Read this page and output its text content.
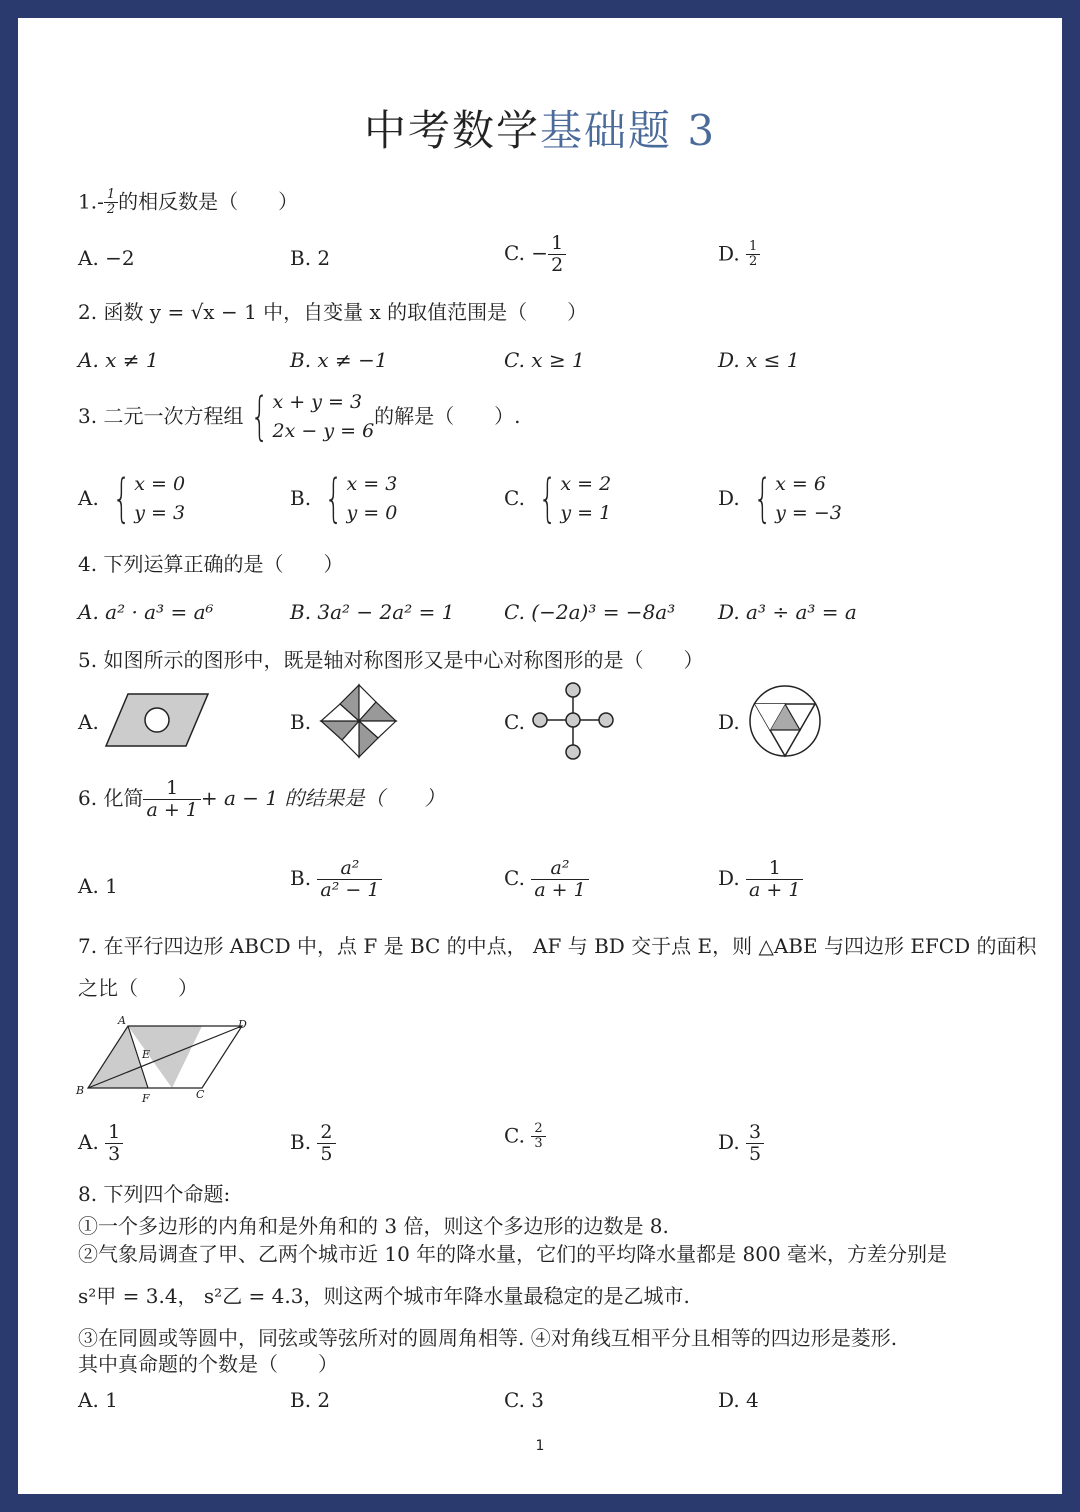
中考数学基础题 3
$1.- \frac{1}{2}$ 的相反数是（　　）
A. −2	B. 2	C. − $\frac{1}{2}$	D. $\frac{1}{2}$
2. 函数 y = √x − 1 中，自变量 x 的取值范围是（　　）
A. x ≠ 1	B. x ≠ −1	C. x ≥ 1	D. x ≤ 1
3. 二元一次方程组 { x + y = 3
2x − y = 6
的解是（　　）.
A. { x = 0
y = 3
B. { x = 3
y = 0
C. { x = 2
y = 1
D. { x = 6
y = −3
4. 下列运算正确的是（　　）
A. a² · a³ = a⁶	B. 3a² − 2a² = 1 C. (−2a)³ = −8a³ D. a³ ÷ a³ = a
5. 如图所示的图形中，既是轴对称图形又是中心对称图形的是（　　）
A.	B.	C.	D.
6. 化简 $\frac{1}{a + 1} + a - 1$ 的结果是（　　）
A. 1	B. $\frac{\text{a²}}{\text{a² − 1}}$	C. $\frac{\text{a²}}{a + 1}$	D. $\frac{1}{a + 1}$
7. 在平行四边形 ABCD 中，点 F 是 BC 的中点， AF 与 BD 交于点 E，则 △ABE 与四边形 EFCD 的面积
之比（　　）
A	D
B	C
F
E
A. $\frac{1}{3}$	B. $\frac{2}{5}$	C. $\frac{2}{3}$	D. $\frac{3}{5}$
8. 下列四个命题:
①一个多边形的内角和是外角和的 3 倍，则这个多边形的边数是 8.
②气象局调查了甲、乙两个城市近 10 年的降水量，它们的平均降水量都是 800 毫米，方差分别是
s²甲 = 3.4， s²乙 = 4.3，则这两个城市年降水量最稳定的是乙城市.
③在同圆或等圆中，同弦或等弦所对的圆周角相等. ④对角线互相平分且相等的四边形是菱形.
其中真命题的个数是（　　）
A. 1	B. 2	C. 3	D. 4
1
